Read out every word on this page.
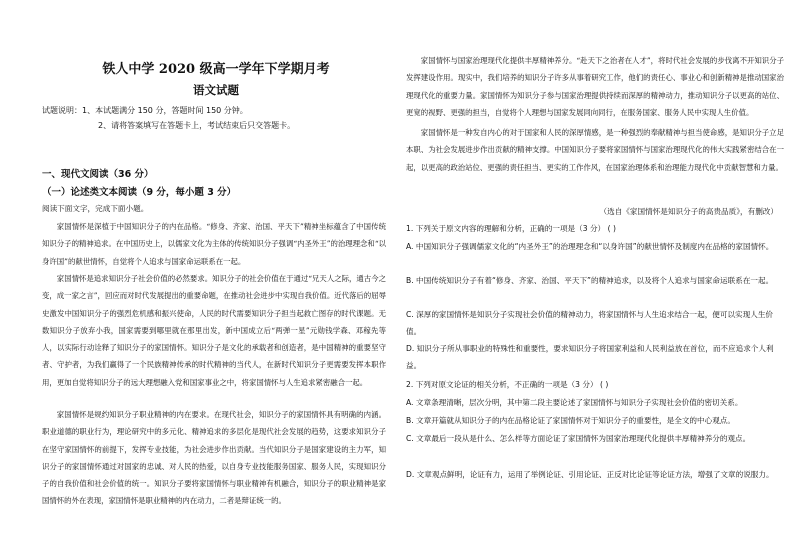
铁人中学 2020 级高一学年下学期月考
语文试题
试题说明：1、本试题满分 150 分，答题时间 150 分钟。
2、请将答案填写在答题卡上，考试结束后只交答题卡。
一、现代文阅读（36 分）
（一）论述类文本阅读（9 分，每小题 3 分）
阅读下面文字，完成下面小题。
家国情怀是深植于中国知识分子的内在品格。“修身、齐家、治国、平天下”精神坐标蕴含了中国传统知识分子的精神追求。在中国历史上，以儒家文化为主体的传统知识分子强调“内圣外王”的治理理念和“以身许国”的献世情怀，自觉将个人追求与国家命运联系在一起。
家国情怀是追求知识分子社会价值的必然要求。知识分子的社会价值在于通过“兄天人之际，通古今之变，成一家之言”，回应而对时代发展提出的重要命题，在推动社会进步中实现自我价值。近代落后的屈辱史激发中国知识分子的强烈危机感和振兴使命，人民的时代需要知识分子担当起救亡图存的时代课题。无数知识分子放弃小我，国家需要到哪里就在那里出发，新中国成立后“两弹一星”元勋钱学森、邓稼先等人，以实际行动诠释了知识分子的家国情怀。知识分子是文化的承载者和创造者，是中国精神的重要坚守者、守护者，为我们赢得了一个民族精神传承的时代精神的当代人，在新时代知识分子更需要发挥本职作用，更加自觉将知识分子的远大理想融入党和国家事业之中，将家国情怀与人生追求紧密融合一起。
家国情怀是规约知识分子职业精神的内在要求。在现代社会，知识分子的家国情怀具有明确的内涵。职业道德的职业行为，理论研究中的多元化、精神追求的多层化是现代社会发展的趋势，这要求知识分子在坚守家国情怀的前提下，发挥专业技能，为社会进步作出贡献。当代知识分子是国家建设的主力军，知识分子的家国情怀通过对国家的忠诚、对人民的热爱，以自身专业技能服务国家、服务人民，实现知识分子的自我价值和社会价值的统一。知识分子要将家国情怀与职业精神有机融合，知识分子的职业精神是家国情怀的外在表现，家国情怀是职业精神的内在动力，二者是辩证统一的。
家国情怀与国家治理现代化提供丰厚精神养分。“赴天下之治者在人才”，将时代社会发展的步伐离不开知识分子发挥建设作用。现实中，我们培养的知识分子许多从事着研究工作，他们的责任心、事业心和创新精神是推动国家治理现代化的重要力量。家国情怀为知识分子参与国家治理提供持续而深厚的精神动力，推动知识分子以更高的站位、更宽的视野、更强的担当，自觉将个人理想与国家发展同向同行，在服务国家、服务人民中实现人生价值。
家国情怀是一种发自内心的对于国家和人民的深厚情感，是一种强烈的奉献精神与担当使命感，是知识分子立足本职、为社会发展进步作出贡献的精神支撑。中国知识分子要将家国情怀与国家治理现代化的伟大实践紧密结合在一起，以更高的政治站位、更强的责任担当、更实的工作作风，在国家治理体系和治理能力现代化中贡献智慧和力量。
（选自《家国情怀是知识分子的高贵品质》，有删改）
1. 下列关于原文内容的理解和分析，正确的一项是（3 分） ( )
A. 中国知识分子强调儒家文化的“内圣外王”的治理理念和“以身许国”的献世情怀及制度内在品格的家国情怀。
B. 中国传统知识分子有着“修身、齐家、治国、平天下”的精神追求，以及将个人追求与国家命运联系在一起。
C. 深厚的家国情怀是知识分子实现社会价值的精神动力，将家国情怀与人生追求结合一起，便可以实现人生价值。
D. 知识分子所从事职业的特殊性和重要性，要求知识分子将国家利益和人民利益放在首位，而不应追求个人利益。
2. 下列对原文论证的相关分析，不正确的一项是（3 分） ( )
A. 文章条理清晰，层次分明，其中第二段主要论述了家国情怀与知识分子实现社会价值的密切关系。
B. 文章开篇就从知识分子的内在品格论证了家国情怀对于知识分子的重要性，是全文的中心观点。
C. 文章最后一段从是什么、怎么样等方面论证了家国情怀为国家治理现代化提供丰厚精神养分的观点。
D. 文章观点鲜明，论证有力，运用了举例论证、引用论证、正反对比论证等论证方法，增强了文章的说服力。
